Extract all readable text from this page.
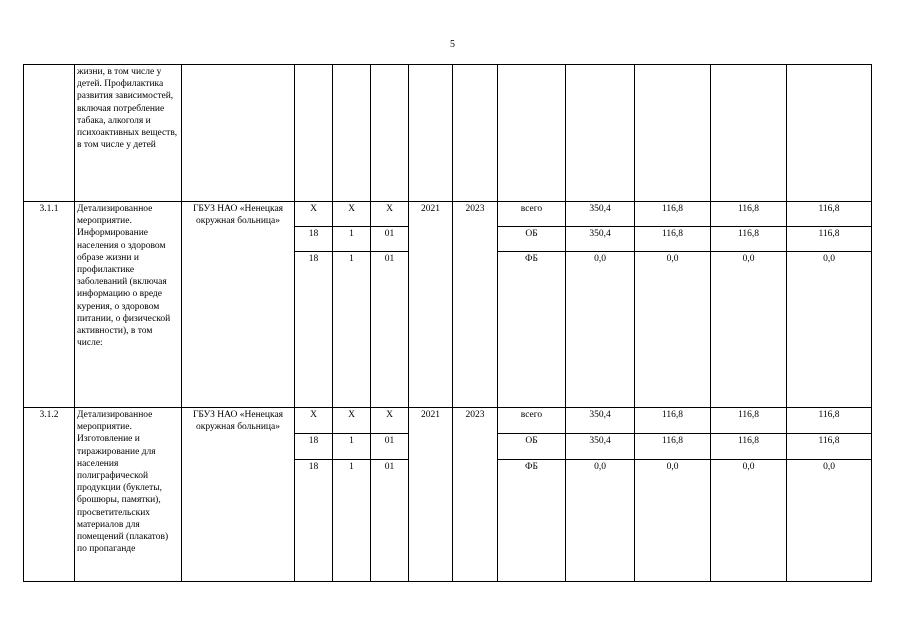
5
	жизни, в том числе у детей. Профилактика развития зависимостей, включая потребление табака, алкоголя и психоактивных веществ, в том числе у детей											
3.1.1	Детализированное мероприятие. Информирование населения о здоровом образе жизни и профилактике заболеваний (включая информацию о вреде курения, о здоровом питании, о физической активности), в том числе:	ГБУЗ НАО «Ненецкая окружная больница»	X	X	X	2021	2023	всего	350,4	116,8	116,8	116,8
			18	1	01			ОБ	350,4	116,8	116,8	116,8
			18	1	01			ФБ	0,0	0,0	0,0	0,0
3.1.2	Детализированное мероприятие. Изготовление и тиражирование для населения полиграфической продукции (буклеты, брошюры, памятки), просветительских материалов для помещений (плакатов) по пропаганде	ГБУЗ НАО «Ненецкая окружная больница»	X	X	X	2021	2023	всего	350,4	116,8	116,8	116,8
			18	1	01			ОБ	350,4	116,8	116,8	116,8
			18	1	01			ФБ	0,0	0,0	0,0	0,0
